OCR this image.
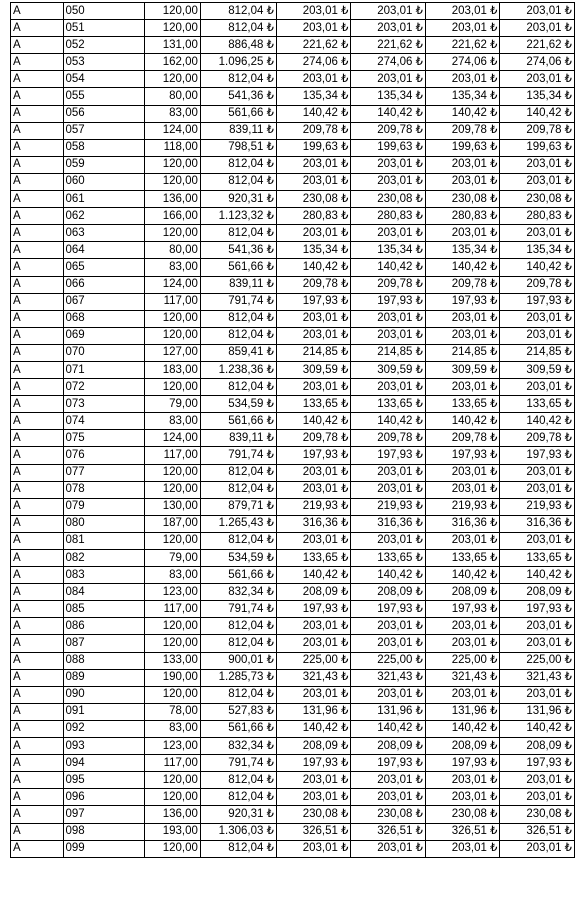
A	050	120,00	812,04 ₺	203,01 ₺	203,01 ₺	203,01 ₺	203,01 ₺
A	051	120,00	812,04 ₺	203,01 ₺	203,01 ₺	203,01 ₺	203,01 ₺
A	052	131,00	886,48 ₺	221,62 ₺	221,62 ₺	221,62 ₺	221,62 ₺
A	053	162,00	1.096,25 ₺	274,06 ₺	274,06 ₺	274,06 ₺	274,06 ₺
A	054	120,00	812,04 ₺	203,01 ₺	203,01 ₺	203,01 ₺	203,01 ₺
A	055	80,00	541,36 ₺	135,34 ₺	135,34 ₺	135,34 ₺	135,34 ₺
A	056	83,00	561,66 ₺	140,42 ₺	140,42 ₺	140,42 ₺	140,42 ₺
A	057	124,00	839,11 ₺	209,78 ₺	209,78 ₺	209,78 ₺	209,78 ₺
A	058	118,00	798,51 ₺	199,63 ₺	199,63 ₺	199,63 ₺	199,63 ₺
A	059	120,00	812,04 ₺	203,01 ₺	203,01 ₺	203,01 ₺	203,01 ₺
A	060	120,00	812,04 ₺	203,01 ₺	203,01 ₺	203,01 ₺	203,01 ₺
A	061	136,00	920,31 ₺	230,08 ₺	230,08 ₺	230,08 ₺	230,08 ₺
A	062	166,00	1.123,32 ₺	280,83 ₺	280,83 ₺	280,83 ₺	280,83 ₺
A	063	120,00	812,04 ₺	203,01 ₺	203,01 ₺	203,01 ₺	203,01 ₺
A	064	80,00	541,36 ₺	135,34 ₺	135,34 ₺	135,34 ₺	135,34 ₺
A	065	83,00	561,66 ₺	140,42 ₺	140,42 ₺	140,42 ₺	140,42 ₺
A	066	124,00	839,11 ₺	209,78 ₺	209,78 ₺	209,78 ₺	209,78 ₺
A	067	117,00	791,74 ₺	197,93 ₺	197,93 ₺	197,93 ₺	197,93 ₺
A	068	120,00	812,04 ₺	203,01 ₺	203,01 ₺	203,01 ₺	203,01 ₺
A	069	120,00	812,04 ₺	203,01 ₺	203,01 ₺	203,01 ₺	203,01 ₺
A	070	127,00	859,41 ₺	214,85 ₺	214,85 ₺	214,85 ₺	214,85 ₺
A	071	183,00	1.238,36 ₺	309,59 ₺	309,59 ₺	309,59 ₺	309,59 ₺
A	072	120,00	812,04 ₺	203,01 ₺	203,01 ₺	203,01 ₺	203,01 ₺
A	073	79,00	534,59 ₺	133,65 ₺	133,65 ₺	133,65 ₺	133,65 ₺
A	074	83,00	561,66 ₺	140,42 ₺	140,42 ₺	140,42 ₺	140,42 ₺
A	075	124,00	839,11 ₺	209,78 ₺	209,78 ₺	209,78 ₺	209,78 ₺
A	076	117,00	791,74 ₺	197,93 ₺	197,93 ₺	197,93 ₺	197,93 ₺
A	077	120,00	812,04 ₺	203,01 ₺	203,01 ₺	203,01 ₺	203,01 ₺
A	078	120,00	812,04 ₺	203,01 ₺	203,01 ₺	203,01 ₺	203,01 ₺
A	079	130,00	879,71 ₺	219,93 ₺	219,93 ₺	219,93 ₺	219,93 ₺
A	080	187,00	1.265,43 ₺	316,36 ₺	316,36 ₺	316,36 ₺	316,36 ₺
A	081	120,00	812,04 ₺	203,01 ₺	203,01 ₺	203,01 ₺	203,01 ₺
A	082	79,00	534,59 ₺	133,65 ₺	133,65 ₺	133,65 ₺	133,65 ₺
A	083	83,00	561,66 ₺	140,42 ₺	140,42 ₺	140,42 ₺	140,42 ₺
A	084	123,00	832,34 ₺	208,09 ₺	208,09 ₺	208,09 ₺	208,09 ₺
A	085	117,00	791,74 ₺	197,93 ₺	197,93 ₺	197,93 ₺	197,93 ₺
A	086	120,00	812,04 ₺	203,01 ₺	203,01 ₺	203,01 ₺	203,01 ₺
A	087	120,00	812,04 ₺	203,01 ₺	203,01 ₺	203,01 ₺	203,01 ₺
A	088	133,00	900,01 ₺	225,00 ₺	225,00 ₺	225,00 ₺	225,00 ₺
A	089	190,00	1.285,73 ₺	321,43 ₺	321,43 ₺	321,43 ₺	321,43 ₺
A	090	120,00	812,04 ₺	203,01 ₺	203,01 ₺	203,01 ₺	203,01 ₺
A	091	78,00	527,83 ₺	131,96 ₺	131,96 ₺	131,96 ₺	131,96 ₺
A	092	83,00	561,66 ₺	140,42 ₺	140,42 ₺	140,42 ₺	140,42 ₺
A	093	123,00	832,34 ₺	208,09 ₺	208,09 ₺	208,09 ₺	208,09 ₺
A	094	117,00	791,74 ₺	197,93 ₺	197,93 ₺	197,93 ₺	197,93 ₺
A	095	120,00	812,04 ₺	203,01 ₺	203,01 ₺	203,01 ₺	203,01 ₺
A	096	120,00	812,04 ₺	203,01 ₺	203,01 ₺	203,01 ₺	203,01 ₺
A	097	136,00	920,31 ₺	230,08 ₺	230,08 ₺	230,08 ₺	230,08 ₺
A	098	193,00	1.306,03 ₺	326,51 ₺	326,51 ₺	326,51 ₺	326,51 ₺
A	099	120,00	812,04 ₺	203,01 ₺	203,01 ₺	203,01 ₺	203,01 ₺
